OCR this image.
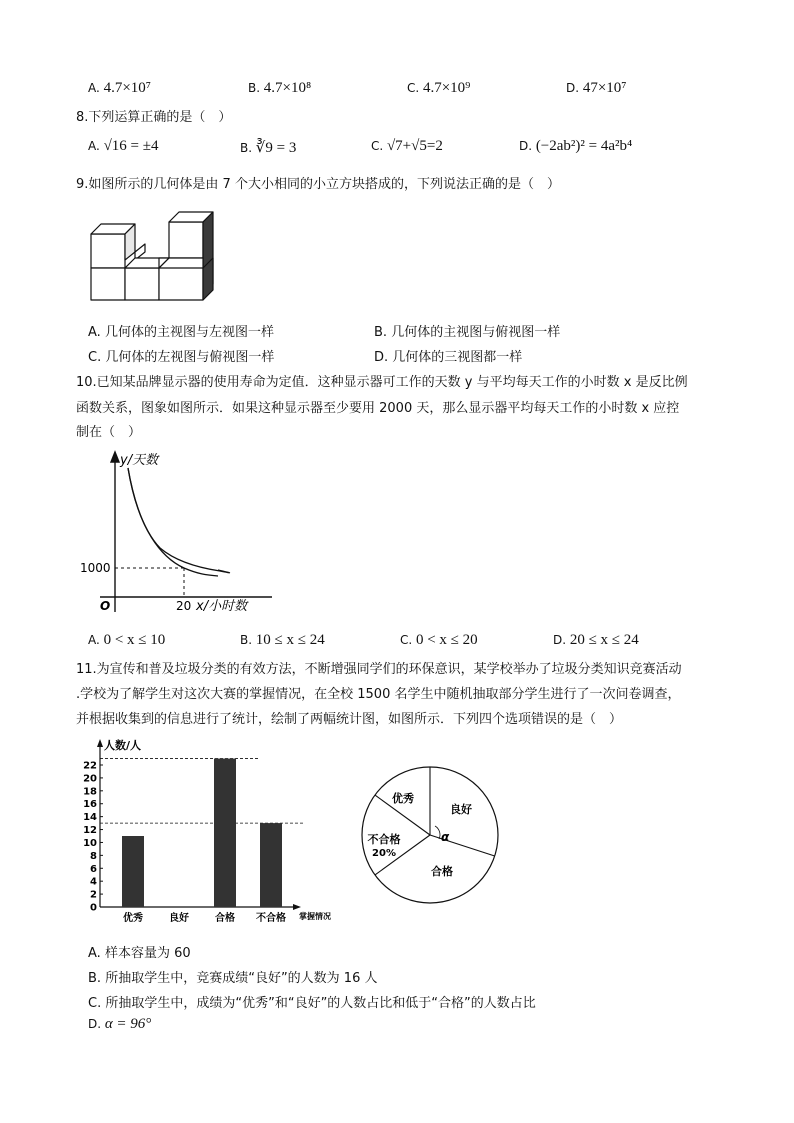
A. 4.7×10⁷	B. 4.7×10⁸	C. 4.7×10⁹	D. 47×10⁷
8.下列运算正确的是（　）
A. √16 = ±4	B. ∛9 = 3	C. √7+√5=2	D. (−2ab²)² = 4a²b⁴
9.如图所示的几何体是由 7 个大小相同的小立方块搭成的，下列说法正确的是（　）
A. 几何体的主视图与左视图一样	B. 几何体的主视图与俯视图一样
C. 几何体的左视图与俯视图一样	D. 几何体的三视图都一样
10.已知某品牌显示器的使用寿命为定值．这种显示器可工作的天数 y 与平均每天工作的小时数 x 是反比例
函数关系，图象如图所示．如果这种显示器至少要用 2000 天，那么显示器平均每天工作的小时数 x 应控
制在（　）
y/天数
1000
O	20 x/小时数
A. 0 < x ≤ 10	B. 10 ≤ x ≤ 24	C. 0 < x ≤ 20	D. 20 ≤ x ≤ 24
11.为宣传和普及垃圾分类的有效方法，不断增强同学们的环保意识，某学校举办了垃圾分类知识竞赛活动
.学校为了解学生对这次大赛的掌握情况，在全校 1500 名学生中随机抽取部分学生进行了一次问卷调查，
并根据收集到的信息进行了统计，绘制了两幅统计图，如图所示．下列四个选项错误的是（　）
0
2
4
6
8
10
12
14
16
18
20
22
人数/人
掌握情况
优秀	良好	合格 不合格
优秀
良好
合格
不合格
20%
α
A. 样本容量为 60
B. 所抽取学生中，竞赛成绩“良好”的人数为 16 人
C. 所抽取学生中，成绩为“优秀”和“良好”的人数占比和低于“合格”的人数占比
D. α = 96°
